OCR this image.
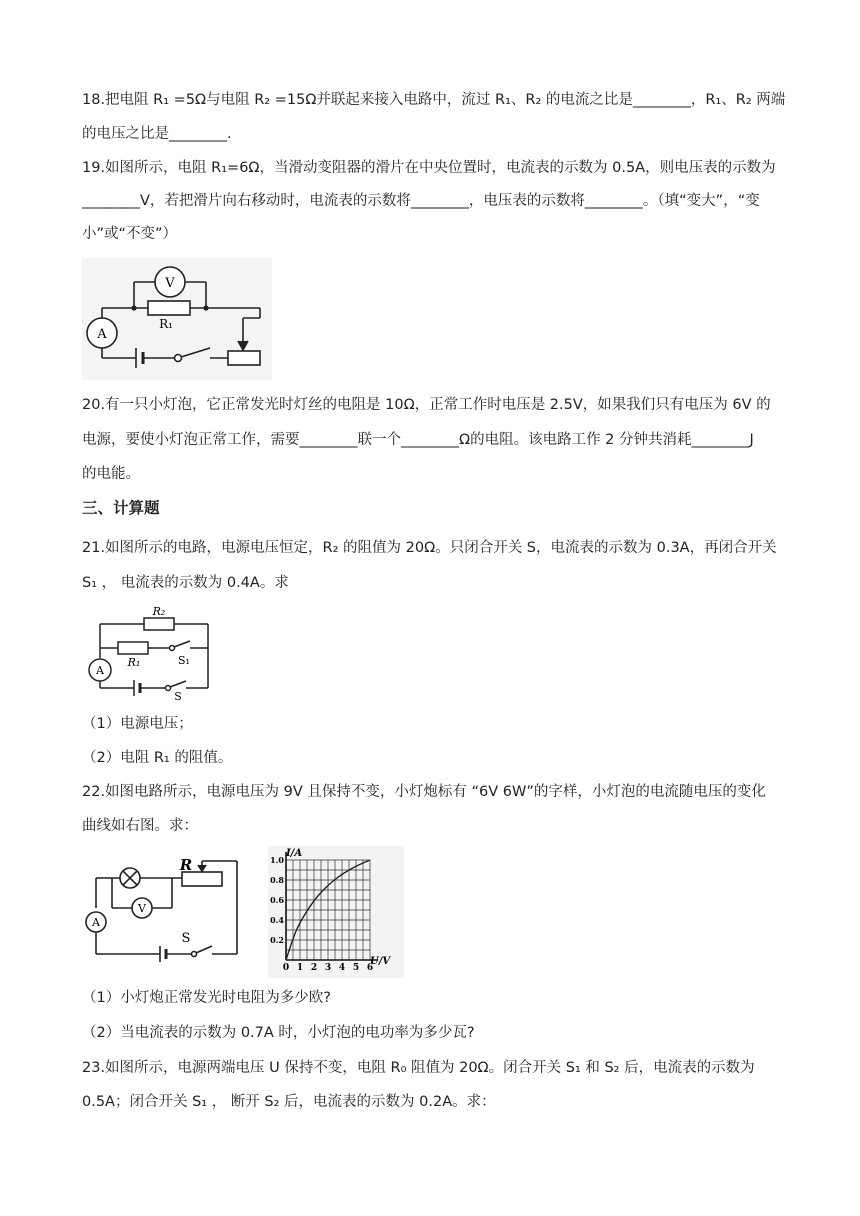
18.把电阻 R₁ =5Ω与电阻 R₂ =15Ω并联起来接入电路中，流过 R₁、R₂ 的电流之比是________，R₁、R₂ 两端
的电压之比是________.
19.如图所示，电阻 R₁=6Ω，当滑动变阻器的滑片在中央位置时，电流表的示数为 0.5A，则电压表的示数为
________V，若把滑片向右移动时，电流表的示数将________，电压表的示数将________。（填“变大”，“变
小”或“不变”）
V
A
R₁
20.有一只小灯泡，它正常发光时灯丝的电阻是 10Ω，正常工作时电压是 2.5V，如果我们只有电压为 6V 的
电源，要使小灯泡正常工作，需要________联一个________Ω的电阻。该电路工作 2 分钟共消耗________J
的电能。
三、计算题
21.如图所示的电路，电源电压恒定，R₂ 的阻值为 20Ω。只闭合开关 S，电流表的示数为 0.3A，再闭合开关
S₁ ， 电流表的示数为 0.4A。求
R₂
R₁	S₁
S
A
（1）电源电压；
（2）电阻 R₁ 的阻值。
22.如图电路所示，电源电压为 9V 且保持不变，小灯炮标有 “6V 6W”的字样，小灯泡的电流随电压的变化
曲线如右图。求：
R
A
V
S
0 1 2 3 4 5 6
0.2
0.4
0.6
0.8
1.0
I/A
U/V
（1）小灯炮正常发光时电阻为多少欧?
（2）当电流表的示数为 0.7A 时，小灯泡的电功率为多少瓦?
23.如图所示，电源两端电压 U 保持不变，电阻 R₀ 阻值为 20Ω。闭合开关 S₁ 和 S₂ 后，电流表的示数为
0.5A；闭合开关 S₁ ， 断开 S₂ 后，电流表的示数为 0.2A。求：
